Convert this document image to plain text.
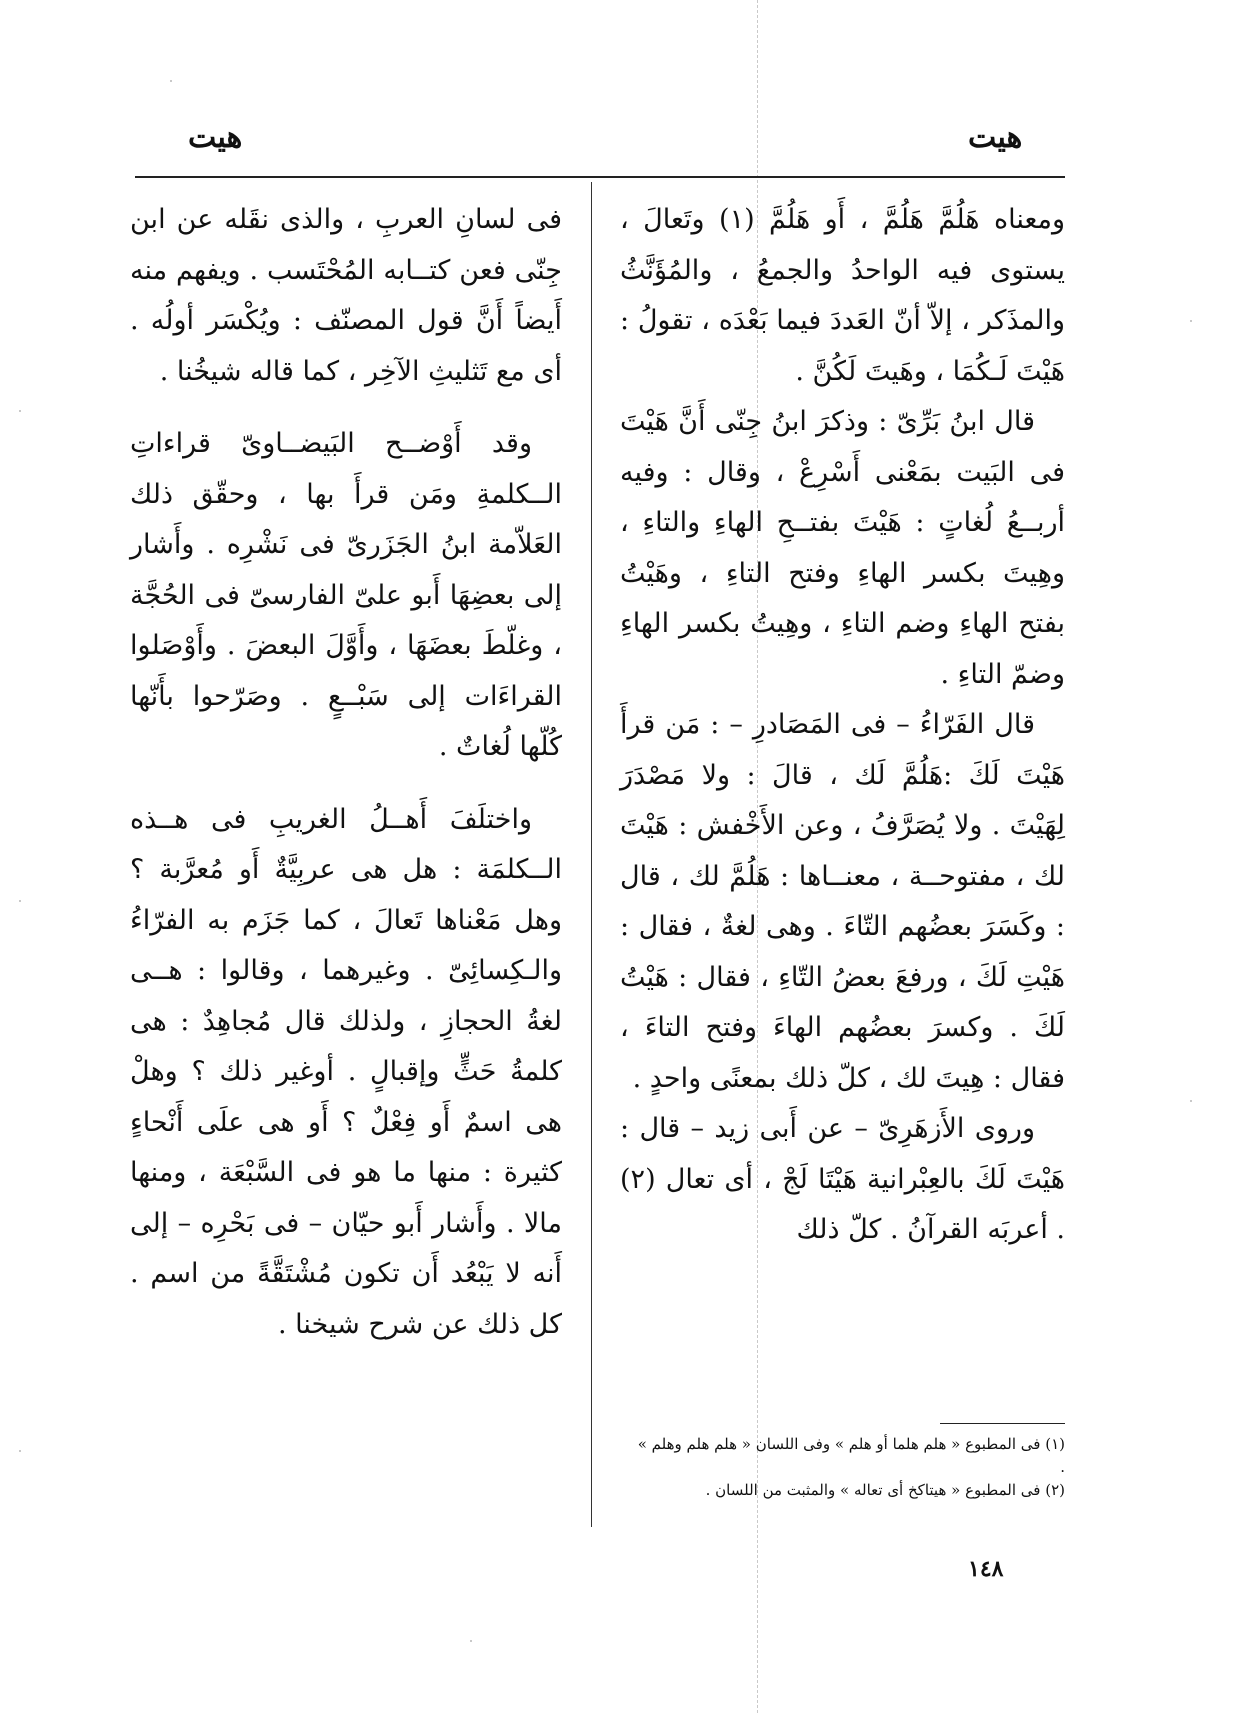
هيت
هيت

ومعناه هَلُمَّ هَلُمَّ ، أَو هَلُمَّ (١) وتَعالَ ، يستوى فيه الواحدُ والجمعُ ، والمُؤَنَّثُ والمذَكر ، إلاّ أنّ العَددَ فيما بَعْدَه ، تقولُ : هَيْتَ لَـكُمَا ، وهَيتَ لَكُنَّ .

قال ابنُ بَرِّىّ : وذكرَ ابنُ جِنّى أَنَّ هَيْتَ فى البَيت بمَعْنى أَسْرِعْ ، وقال : وفيه أربــعُ لُغاتٍ : هَيْتَ بفتــحِ الهاءِ والتاءِ ، وهِيتَ بكسر الهاءِ وفتح التاءِ ، وهَيْتُ بفتح الهاءِ وضم التاءِ ، وهِيتُ بكسر الهاءِ وضمّ التاءِ .

قال الفَرّاءُ – فى المَصَادرِ – : مَن قرأَ هَيْتَ لَكَ :هَلُمَّ لَك ، قالَ : ولا مَصْدَرَ لِهَيْتَ . ولا يُصَرَّفُ ، وعن الأَخْفش : هَيْتَ لك ، مفتوحــة ، معنــاها : هَلُمَّ لك ، قال : وكَسَرَ بعضُهم التّاءَ . وهى لغةٌ ، فقال : هَيْتِ لَكَ ، ورفعَ بعضُ التّاءِ ، فقال : هَيْتُ لَكَ . وكسرَ بعضُهم الهاءَ وفتح التاءَ ، فقال : هِيتَ لك ، كلّ ذلك بمعنًى واحدٍ .

وروى الأَزهَرِىّ – عن أَبى زيد – قال : هَيْتَ لَكَ بالعِبْرانية هَيْتَا لَجْ ، أى تعال (٢) . أعربَه القرآنُ . كلّ ذلك

فى لسانِ العربِ ، والذى نقَله عن ابن جِنّى فعن كتــابه المُحْتَسب . ويفهم منه أَيضاً أَنَّ قول المصنّف : ويُكْسَر أولُه . أى مع تَثليثِ الآخِر ، كما قاله شيخُنا .

وقد أَوْضــح البَيضــاوىّ قراءاتِ الــكلمةِ ومَن قرأَ بها ، وحقّق ذلك العَلاّمة ابنُ الجَزَرىّ فى نَشْرِه . وأَشار إلى بعضِهَا أَبو علىّ الفارسىّ فى الحُجَّة ، وغلّطَ بعضَهَا ، وأَوَّلَ البعضَ . وأَوْصَلوا القراءَات إلى سَبْــعٍ . وصَرّحوا بأَنّها كُلّها لُغاتٌ .

واختلَفَ أَهــلُ الغريبِ فى هــذه الــكلمَة : هل هى عربِيَّةٌ أَو مُعرَّبة ؟ وهل مَعْناها تَعالَ ، كما جَزَم به الفرّاءُ والـكِسائِىّ . وغيرهما ، وقالوا : هــى لغةُ الحجازِ ، ولذلك قال مُجاهِدٌ : هى كلمةُ حَثٍّ وإقبالٍ . أوغير ذلك ؟ وهلْ هى اسمٌ أَو فِعْلٌ ؟ أَو هى علَى أَنْحاءٍ كثيرة : منها ما هو فى السَّبْعَة ، ومنها مالا . وأَشار أَبو حيّان – فى بَحْرِه – إلى أَنه لا يَبْعُد أَن تكون مُشْتَقَّةً من اسم . كل ذلك عن شرح شيخنا .

(١) فى المطبوع « هلم هلما أو هلم » وفى اللسان « هلم هلم وهلم » .

(٢) فى المطبوع « هيتاكخ أى تعاله » والمثبت من اللسان .

١٤٨
